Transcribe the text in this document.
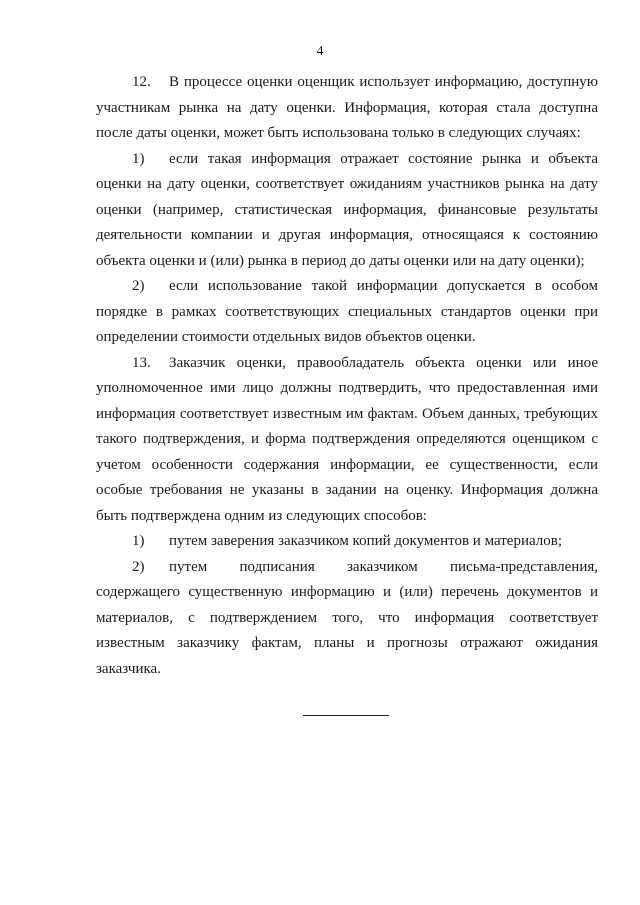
4

12. В процессе оценки оценщик использует информацию, доступную участникам рынка на дату оценки. Информация, которая стала доступна после даты оценки, может быть использована только в следующих случаях:

1) если такая информация отражает состояние рынка и объекта оценки на дату оценки, соответствует ожиданиям участников рынка на дату оценки (например, статистическая информация, финансовые результаты деятельности компании и другая информация, относящаяся к состоянию объекта оценки и (или) рынка в период до даты оценки или на дату оценки);

2) если использование такой информации допускается в особом порядке в рамках соответствующих специальных стандартов оценки при определении стоимости отдельных видов объектов оценки.

13. Заказчик оценки, правообладатель объекта оценки или иное уполномоченное ими лицо должны подтвердить, что предоставленная ими информация соответствует известным им фактам. Объем данных, требующих такого подтверждения, и форма подтверждения определяются оценщиком с учетом особенности содержания информации, ее существенности, если особые требования не указаны в задании на оценку. Информация должна быть подтверждена одним из следующих способов:

1) путем заверения заказчиком копий документов и материалов;

2) путем подписания заказчиком письма-представления, содержащего существенную информацию и (или) перечень документов и материалов, с подтверждением того, что информация соответствует известным заказчику фактам, планы и прогнозы отражают ожидания заказчика.
